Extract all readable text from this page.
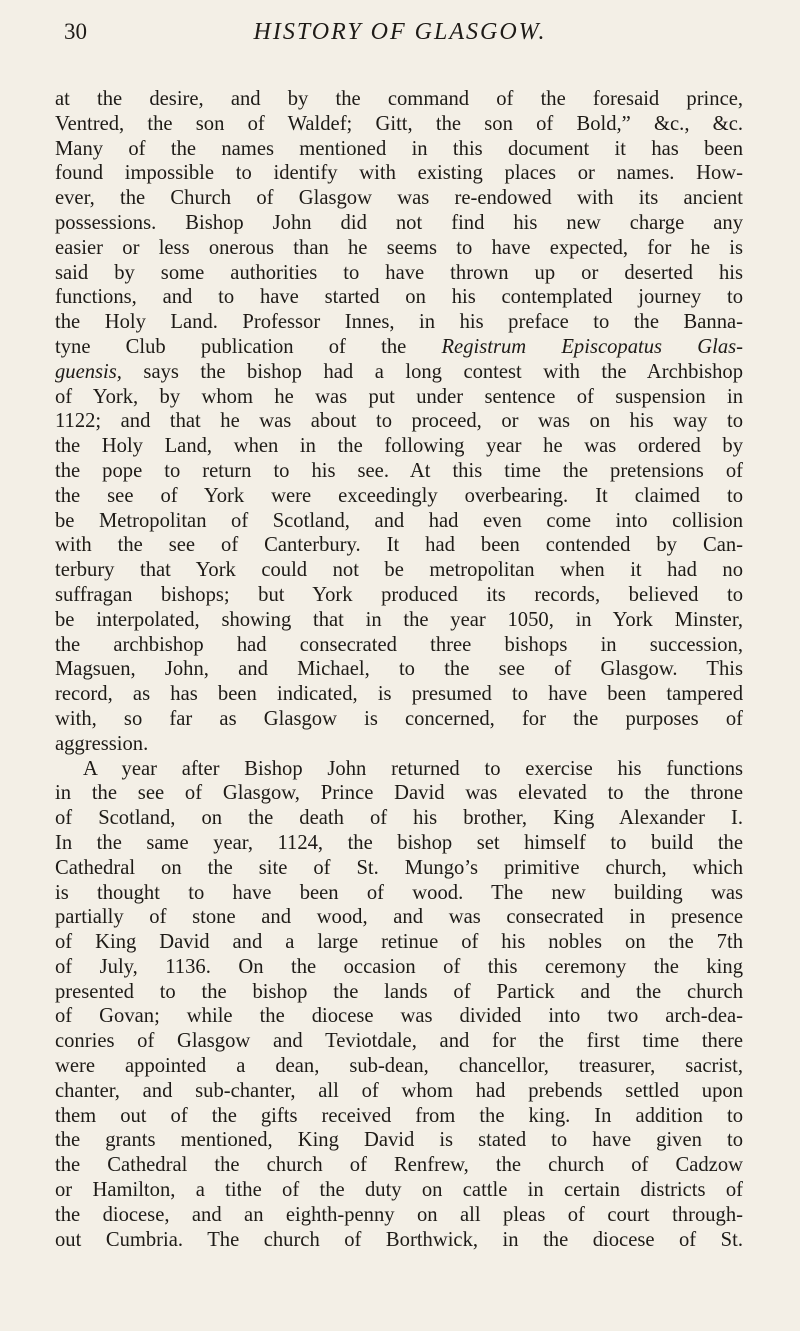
30	HISTORY OF GLASGOW.
at the desire, and by the command of the foresaid prince,
Ventred, the son of Waldef; Gitt, the son of Bold,” &c., &c.
Many of the names mentioned in this document it has been
found impossible to identify with existing places or names. How-
ever, the Church of Glasgow was re-endowed with its ancient
possessions. Bishop John did not find his new charge any
easier or less onerous than he seems to have expected, for he is
said by some authorities to have thrown up or deserted his
functions, and to have started on his contemplated journey to
the Holy Land. Professor Innes, in his preface to the Banna-
tyne Club publication of the Registrum Episcopatus Glas-
guensis, says the bishop had a long contest with the Archbishop
of York, by whom he was put under sentence of suspension in
1122; and that he was about to proceed, or was on his way to
the Holy Land, when in the following year he was ordered by
the pope to return to his see. At this time the pretensions of
the see of York were exceedingly overbearing. It claimed to
be Metropolitan of Scotland, and had even come into collision
with the see of Canterbury. It had been contended by Can-
terbury that York could not be metropolitan when it had no
suffragan bishops; but York produced its records, believed to
be interpolated, showing that in the year 1050, in York Minster,
the archbishop had consecrated three bishops in succession,
Magsuen, John, and Michael, to the see of Glasgow. This
record, as has been indicated, is presumed to have been tampered
with, so far as Glasgow is concerned, for the purposes of
aggression.
A year after Bishop John returned to exercise his functions
in the see of Glasgow, Prince David was elevated to the throne
of Scotland, on the death of his brother, King Alexander I.
In the same year, 1124, the bishop set himself to build the
Cathedral on the site of St. Mungo’s primitive church, which
is thought to have been of wood. The new building was
partially of stone and wood, and was consecrated in presence
of King David and a large retinue of his nobles on the 7th
of July, 1136. On the occasion of this ceremony the king
presented to the bishop the lands of Partick and the church
of Govan; while the diocese was divided into two arch-dea-
conries of Glasgow and Teviotdale, and for the first time there
were appointed a dean, sub-dean, chancellor, treasurer, sacrist,
chanter, and sub-chanter, all of whom had prebends settled upon
them out of the gifts received from the king. In addition to
the grants mentioned, King David is stated to have given to
the Cathedral the church of Renfrew, the church of Cadzow
or Hamilton, a tithe of the duty on cattle in certain districts of
the diocese, and an eighth-penny on all pleas of court through-
out Cumbria. The church of Borthwick, in the diocese of St.
